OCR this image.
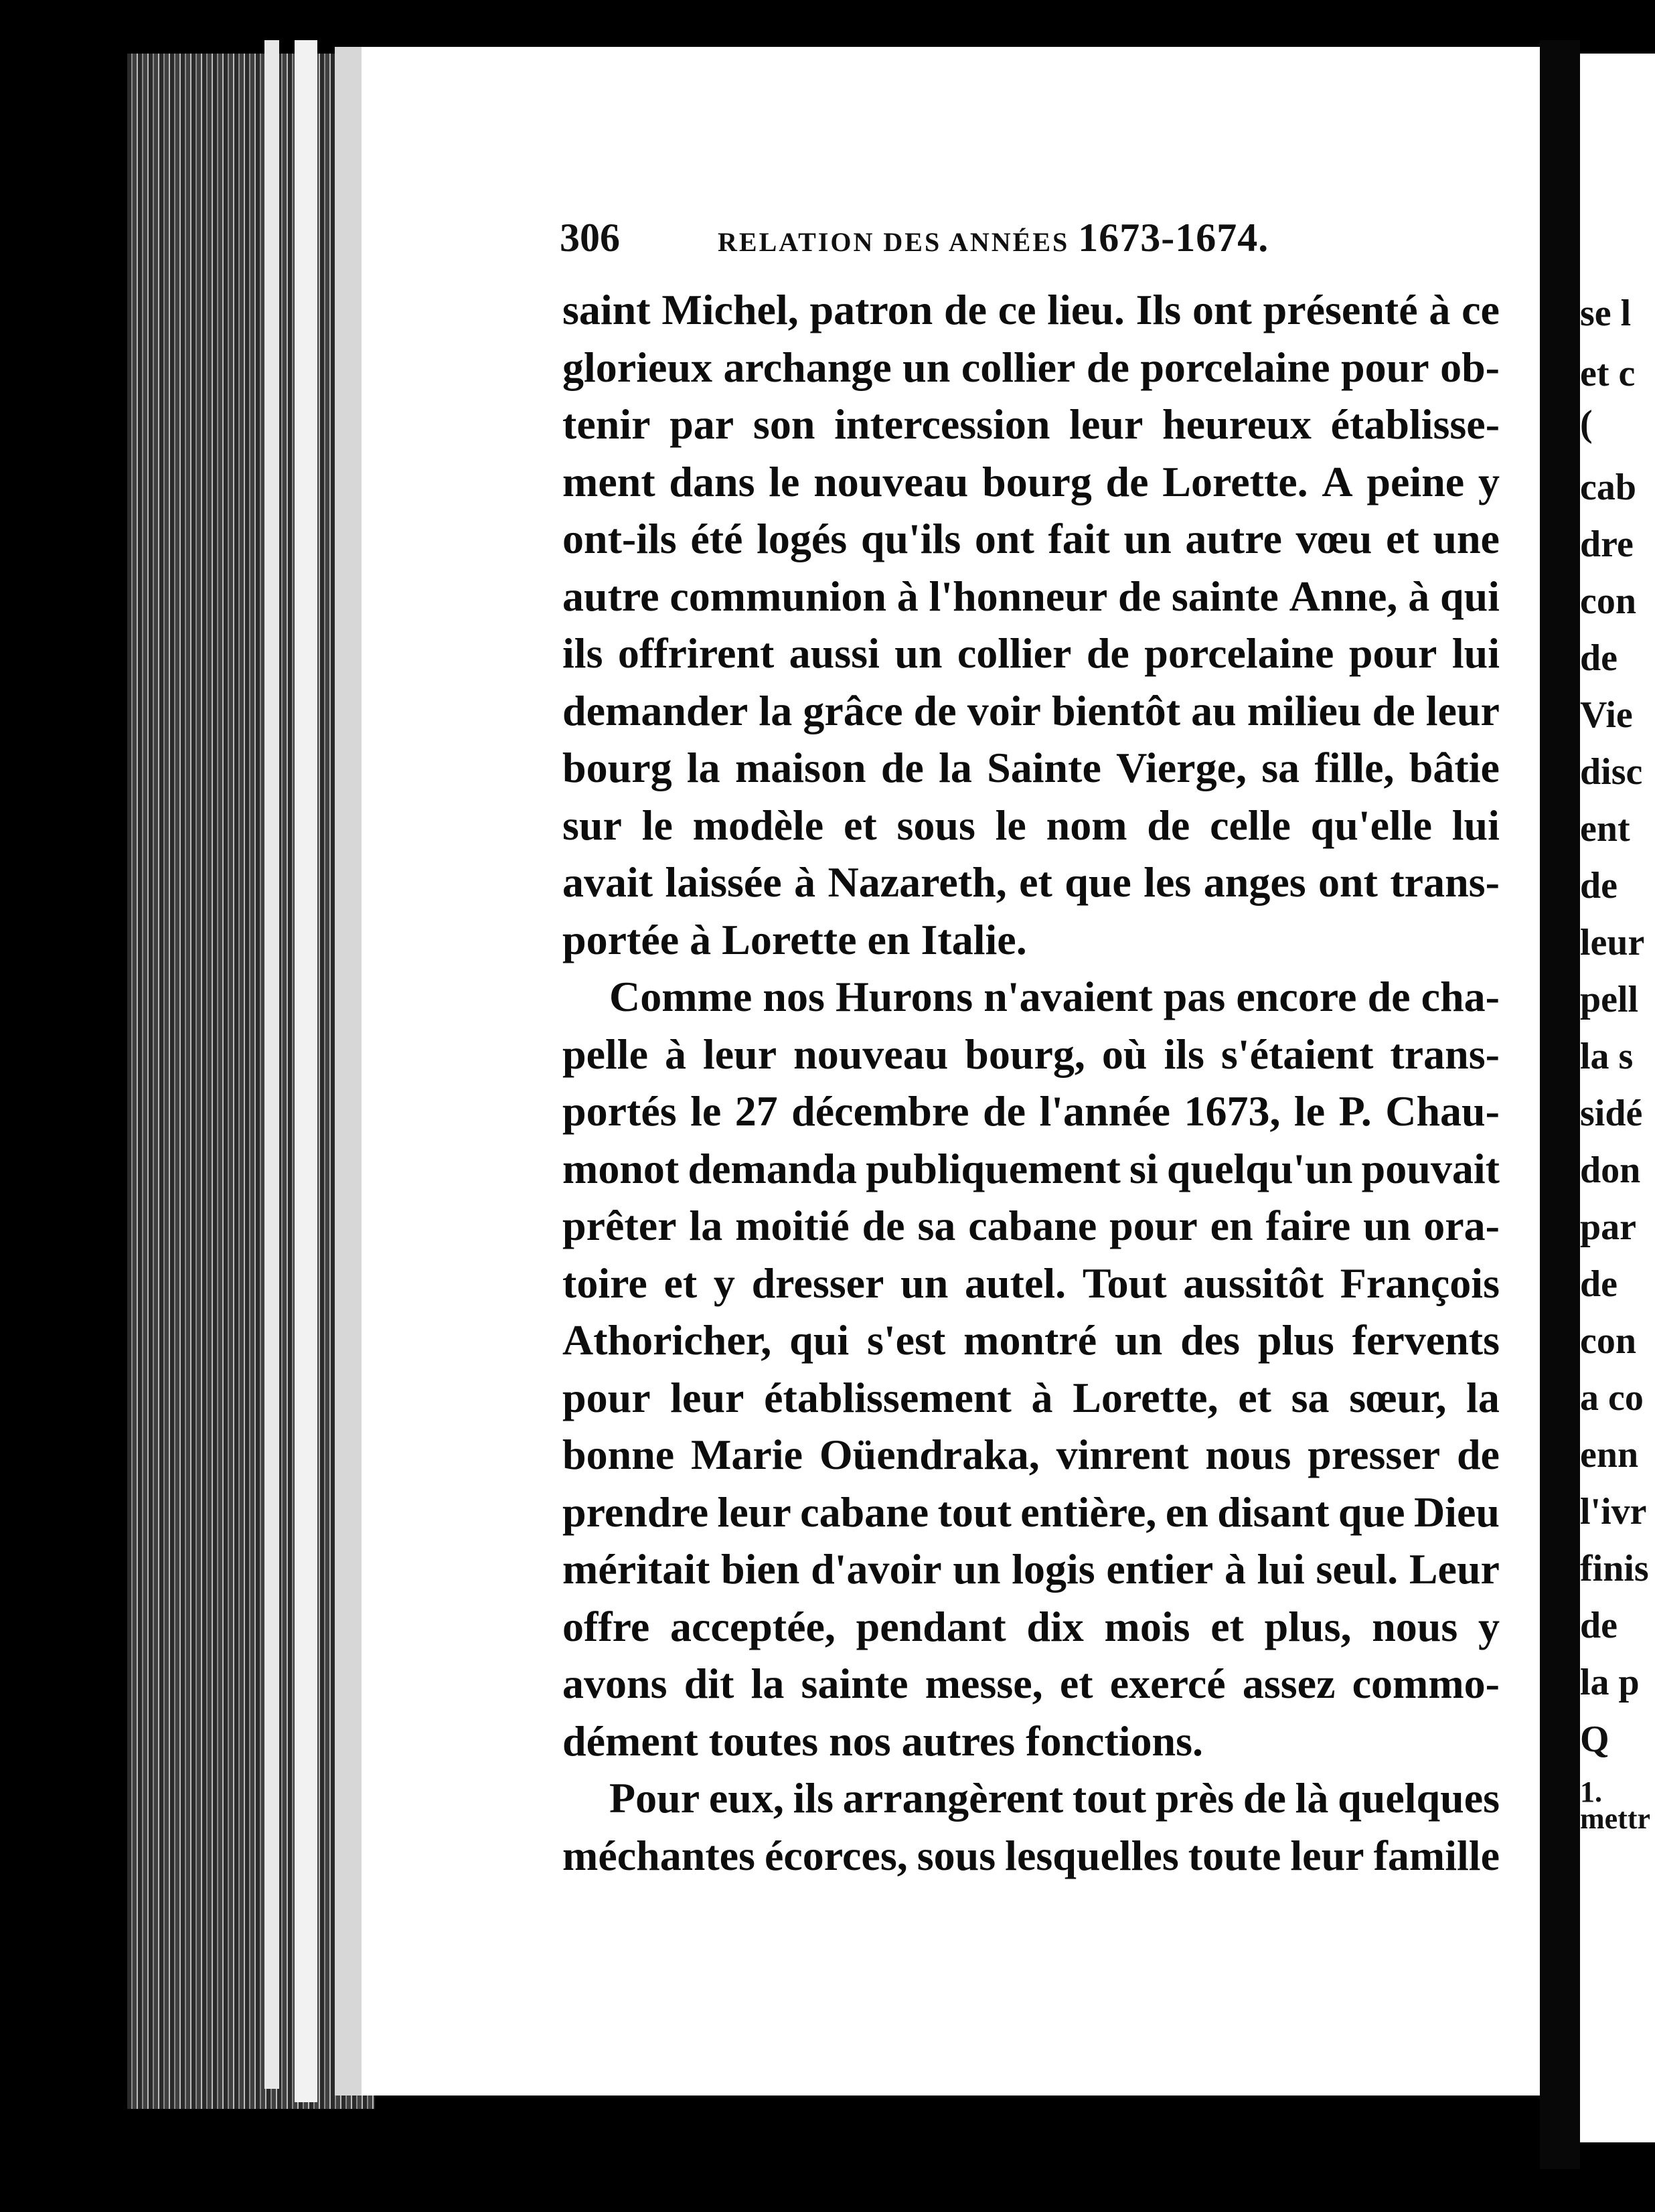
se l
et c
(
cab
dre
con
de
Vie
disc
ent
de
leur
pell
la s
sidé
don
par
de
con
a co
enn
l'ivr
finis
de
la p
Q
1.
mettr
306	RELATION DES ANNÉES 1673-1674.
saint Michel, patron de ce lieu. Ils ont présenté à ce
glorieux archange un collier de porcelaine pour ob-
tenir par son intercession leur heureux établisse-
ment dans le nouveau bourg de Lorette. A peine y
ont-ils été logés qu'ils ont fait un autre vœu et une
autre communion à l'honneur de sainte Anne, à qui
ils offrirent aussi un collier de porcelaine pour lui
demander la grâce de voir bientôt au milieu de leur
bourg la maison de la Sainte Vierge, sa fille, bâtie
sur le modèle et sous le nom de celle qu'elle lui
avait laissée à Nazareth, et que les anges ont trans-
portée à Lorette en Italie.
Comme nos Hurons n'avaient pas encore de cha-
pelle à leur nouveau bourg, où ils s'étaient trans-
portés le 27 décembre de l'année 1673, le P. Chau-
monot demanda publiquement si quelqu'un pouvait
prêter la moitié de sa cabane pour en faire un ora-
toire et y dresser un autel. Tout aussitôt François
Athoricher, qui s'est montré un des plus fervents
pour leur établissement à Lorette, et sa sœur, la
bonne Marie Oüendraka, vinrent nous presser de
prendre leur cabane tout entière, en disant que Dieu
méritait bien d'avoir un logis entier à lui seul. Leur
offre acceptée, pendant dix mois et plus, nous y
avons dit la sainte messe, et exercé assez commo-
dément toutes nos autres fonctions.
Pour eux, ils arrangèrent tout près de là quelques
méchantes écorces, sous lesquelles toute leur famille
